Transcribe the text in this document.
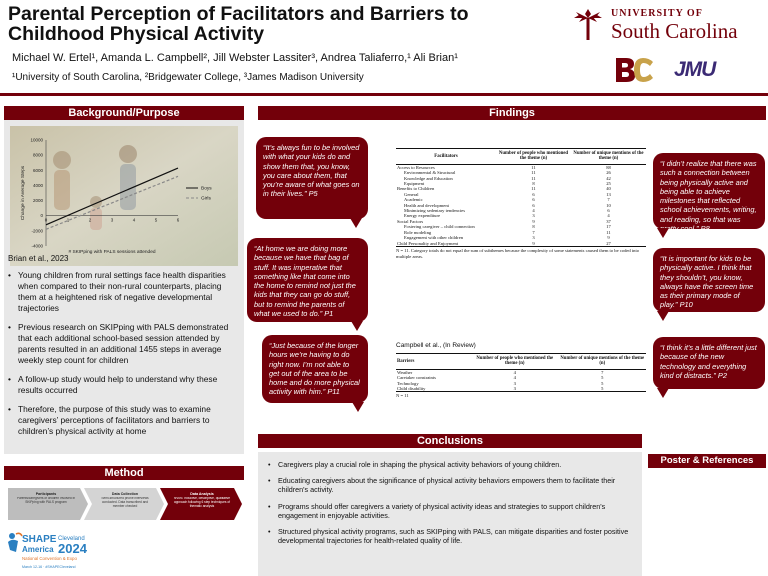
Parental Perception of Facilitators and Barriers to Childhood Physical Activity
Michael W. Ertel¹, Amanda L. Campbell², Jill Webster Lassiter³, Andrea Taliaferro,¹ Ali Brian¹
¹University of South Carolina, ²Bridgewater College, ³James Madison University
UNIVERSITY OF
South Carolina
JMU
Background/Purpose
10000
8000
6000
4000
2000
0
-2000
-4000
0	1	2	3	4	5	6
Change in Average Steps
# SKIPping with PALS sessions attended
Boys
Girls
Brian et al., 2023
• Young children from rural settings face health disparities when compared to their non-rural counterparts, placing them at a heightened risk of negative developmental trajectories
• Previous research on SKIPping with PALS demonstrated that each additional school-based session attended by parents resulted in an additional 1455 steps in average weekly step count for children
• A follow-up study would help to understand why these results occurred
• Therefore, the purpose of this study was to examine caregivers’ perceptions of facilitators and barriers to children’s physical activity at home
Method
Participants
Parents/caregivers of children involved in SKIPping with PALS program
Data Collection
Semi-structured phone interviews conducted. Data transcribed and member checked
Data Analysis
NVivo. Inductive, descriptive, qualitative approach following 6 step techniques of thematic analysis
SHAPE
America
Cleveland
2024
National Convention & Expo
March 12-16 · #SHAPECleveland
Findings
“It’s always fun to be involved with what your kids do and show them that, you know, you care about them, that you’re aware of what goes on in their lives.” P5
“At home we are doing more because we have that bag of stuff. It was imperative that something like that come into the home to remind not just the kids that they can go do stuff, but to remind the parents of what we used to do.” P1
“Just because of the longer hours we’re having to do right now. I’m not able to get out of the area to be home and do more physical activity with him.” P11
“I didn’t realize that there was such a connection between being physically active and being able to achieve milestones that reflected school achievements, writing, and reading, so that was pretty cool.” P8
“It is important for kids to be physically active. I think that they shouldn’t, you know, always have the screen time as their primary mode of play.” P10
“I think it’s a little different just because of the new technology and everything kind of distracts.” P2
Facilitators	Number of people who mentioned the theme (n)	Number of unique mentions of the theme (n)
Access to Resources	11	88
Environmental & Structural	11	26
Knowledge and Education	11	42
Equipment	8	25
Benefits to Children	11	40
General	6	13
Academic	6	7
Health and development	6	10
Minimizing sedentary tendencies	4	6
Energy expenditure	3	4
Social Factors	9	37
Fostering caregiver – child connection	8	17
Role modeling	7	11
Engagement with other children	3	9
Child Personality and Enjoyment	9	27
N = 11. Category totals do not equal the sum of subthemes because the complexity of some statements caused them to be coded into multiple areas.
Campbell et al., (In Review)
Barriers	Number of people who mentioned the theme (n)	Number of unique mentions of the theme (n)
Weather	4	7
Caretaker constraints	4	5
Technology	3	5
Child disability	3	5
N = 11
Conclusions
• Caregivers play a crucial role in shaping the physical activity behaviors of young children.
• Educating caregivers about the significance of physical activity behaviors empowers them to facilitate their children's activity.
• Programs should offer caregivers a variety of physical activity ideas and strategies to support children's engagement in enjoyable activities.
• Structured physical activity programs, such as SKIPping with PALS, can mitigate disparities and foster positive developmental trajectories for health-related quality of life.
Poster & References
